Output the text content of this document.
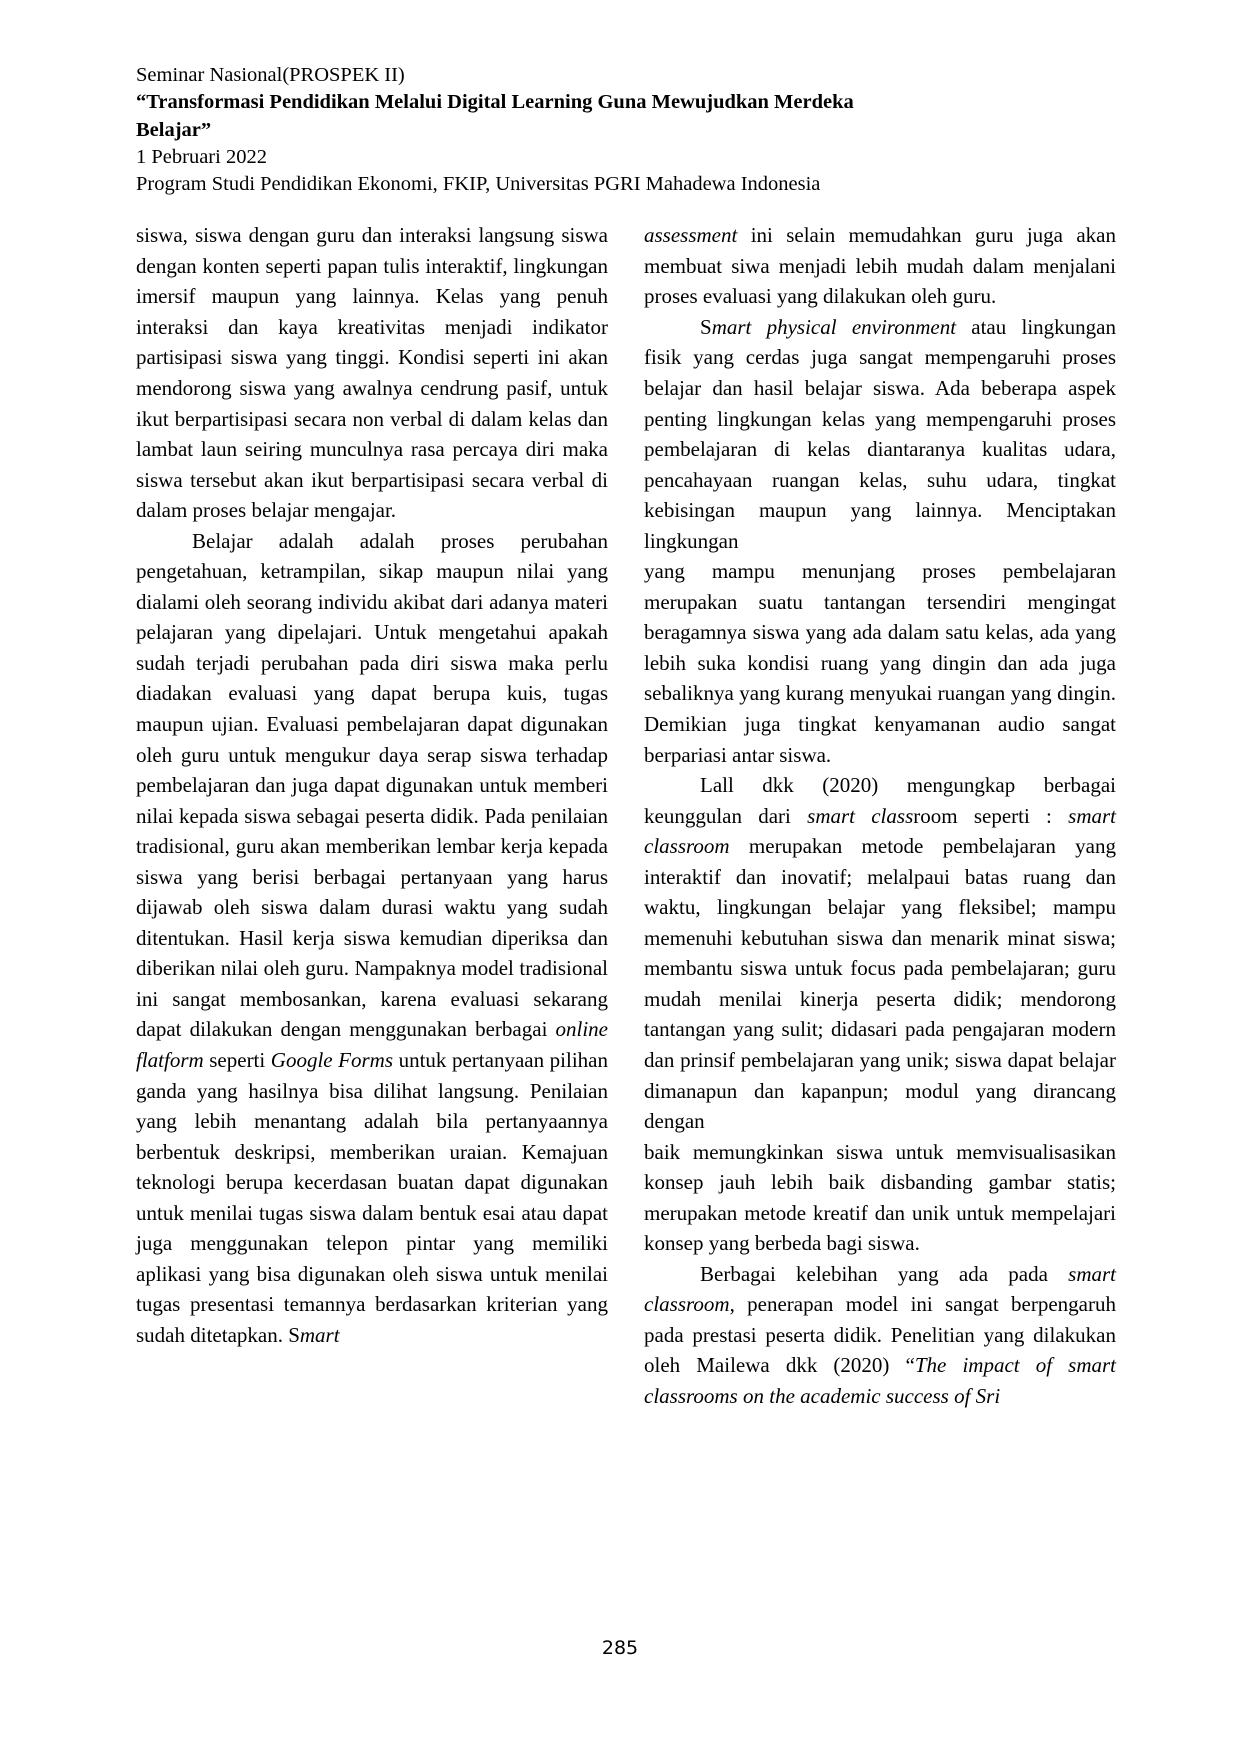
Seminar Nasional(PROSPEK II)
“Transformasi Pendidikan Melalui Digital Learning Guna Mewujudkan Merdeka Belajar”
1 Pebruari 2022
Program Studi Pendidikan Ekonomi, FKIP, Universitas PGRI Mahadewa Indonesia

siswa, siswa dengan guru dan interaksi langsung siswa dengan konten seperti papan tulis interaktif, lingkungan imersif maupun yang lainnya. Kelas yang penuh interaksi dan kaya kreativitas menjadi indikator partisipasi siswa yang tinggi. Kondisi seperti ini akan mendorong siswa yang awalnya cendrung pasif, untuk ikut berpartisipasi secara non verbal di dalam kelas dan lambat laun seiring munculnya rasa percaya diri maka siswa tersebut akan ikut berpartisipasi secara verbal di dalam proses belajar mengajar.

Belajar adalah adalah proses perubahan pengetahuan, ketrampilan, sikap maupun nilai yang dialami oleh seorang individu akibat dari adanya materi pelajaran yang dipelajari. Untuk mengetahui apakah sudah terjadi perubahan pada diri siswa maka perlu diadakan evaluasi yang dapat berupa kuis, tugas maupun ujian. Evaluasi pembelajaran dapat digunakan oleh guru untuk mengukur daya serap siswa terhadap pembelajaran dan juga dapat digunakan untuk memberi nilai kepada siswa sebagai peserta didik. Pada penilaian tradisional, guru akan memberikan lembar kerja kepada siswa yang berisi berbagai pertanyaan yang harus dijawab oleh siswa dalam durasi waktu yang sudah ditentukan. Hasil kerja siswa kemudian diperiksa dan diberikan nilai oleh guru. Nampaknya model tradisional ini sangat membosankan, karena evaluasi sekarang dapat dilakukan dengan menggunakan berbagai online flatform seperti Google Forms untuk pertanyaan pilihan ganda yang hasilnya bisa dilihat langsung. Penilaian yang lebih menantang adalah bila pertanyaannya berbentuk deskripsi, memberikan uraian. Kemajuan teknologi berupa kecerdasan buatan dapat digunakan untuk menilai tugas siswa dalam bentuk esai atau dapat juga menggunakan telepon pintar yang memiliki aplikasi yang bisa digunakan oleh siswa untuk menilai tugas presentasi temannya berdasarkan kriterian yang sudah ditetapkan. Smart

assessment ini selain memudahkan guru juga akan membuat siwa menjadi lebih mudah dalam menjalani proses evaluasi yang dilakukan oleh guru.

Smart physical environment atau lingkungan fisik yang cerdas juga sangat mempengaruhi proses belajar dan hasil belajar siswa. Ada beberapa aspek penting lingkungan kelas yang mempengaruhi proses pembelajaran di kelas diantaranya kualitas udara, pencahayaan ruangan kelas, suhu udara, tingkat kebisingan maupun yang lainnya. Menciptakan lingkungan

yang mampu menunjang proses pembelajaran merupakan suatu tantangan tersendiri mengingat beragamnya siswa yang ada dalam satu kelas, ada yang lebih suka kondisi ruang yang dingin dan ada juga sebaliknya yang kurang menyukai ruangan yang dingin. Demikian juga tingkat kenyamanan audio sangat berpariasi antar siswa.

Lall dkk (2020) mengungkap berbagai keunggulan dari smart classroom seperti : smart classroom merupakan metode pembelajaran yang interaktif dan inovatif; melalpaui batas ruang dan waktu, lingkungan belajar yang fleksibel; mampu memenuhi kebutuhan siswa dan menarik minat siswa; membantu siswa untuk focus pada pembelajaran; guru mudah menilai kinerja peserta didik; mendorong tantangan yang sulit; didasari pada pengajaran modern dan prinsif pembelajaran yang unik; siswa dapat belajar dimanapun dan kapanpun; modul yang dirancang dengan

baik memungkinkan siswa untuk memvisualisasikan konsep jauh lebih baik disbanding gambar statis; merupakan metode kreatif dan unik untuk mempelajari konsep yang berbeda bagi siswa.

Berbagai kelebihan yang ada pada smart classroom, penerapan model ini sangat berpengaruh pada prestasi peserta didik. Penelitian yang dilakukan oleh Mailewa dkk (2020) “The impact of smart classrooms on the academic success of Sri

285
